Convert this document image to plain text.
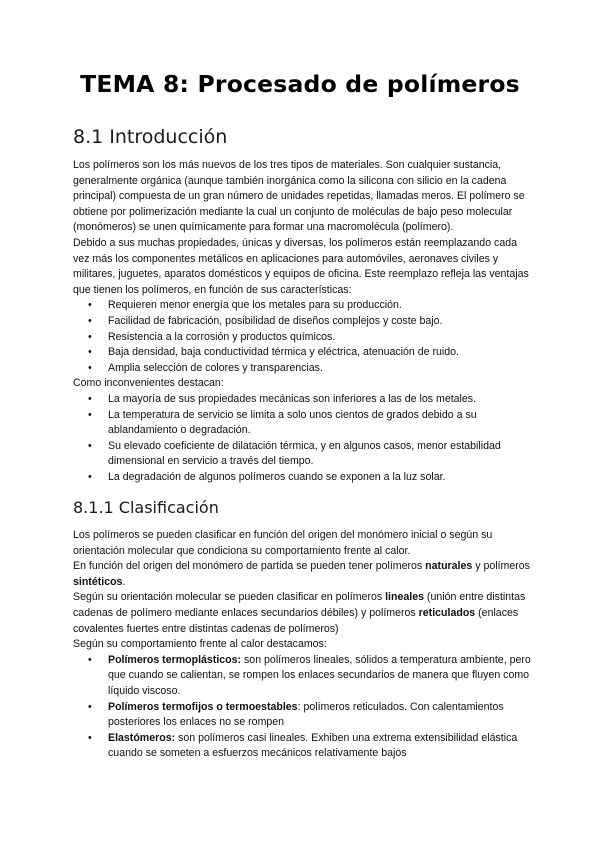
TEMA 8: Procesado de polímeros
8.1 Introducción

Los polímeros son los más nuevos de los tres tipos de materiales. Son cualquier sustancia, generalmente orgánica (aunque también inorgánica como la silicona con silicio en la cadena principal) compuesta de un gran número de unidades repetidas, llamadas meros. El polímero se obtiene por polimerización mediante la cual un conjunto de moléculas de bajo peso molecular (monómeros) se unen químicamente para formar una macromolécula (polímero).

Debido a sus muchas propiedades, únicas y diversas, los polímeros están reemplazando cada vez más los componentes metálicos en aplicaciones para automóviles, aeronaves civiles y militares, juguetes, aparatos domésticos y equipos de oficina. Este reemplazo refleja las ventajas que tienen los polímeros, en función de sus características:

• Requieren menor energía que los metales para su producción.
• Facilidad de fabricación, posibilidad de diseños complejos y coste bajo.
• Resistencia a la corrosión y productos químicos.
• Baja densidad, baja conductividad térmica y eléctrica, atenuación de ruido.
• Amplia selección de colores y transparencias.

Como inconvenientes destacan:

• La mayoría de sus propiedades mecánicas son inferiores a las de los metales.
• La temperatura de servicio se limita a solo unos cientos de grados debido a su ablandamiento o degradación.
• Su elevado coeficiente de dilatación térmica, y en algunos casos, menor estabilidad dimensional en servicio a través del tiempo.
• La degradación de algunos polímeros cuando se exponen a la luz solar.
8.1.1 Clasificación

Los polímeros se pueden clasificar en función del origen del monómero inicial o según su orientación molecular que condiciona su comportamiento frente al calor.

En función del origen del monómero de partida se pueden tener polímeros naturales y polímeros sintéticos.

Según su orientación molecular se pueden clasificar en polímeros lineales (unión entre distintas cadenas de polímero mediante enlaces secundarios débiles) y polímeros reticulados (enlaces covalentes fuertes entre distintas cadenas de polímeros)

Según su comportamiento frente al calor destacamos:

• Polímeros termoplásticos: son polímeros lineales, sólidos a temperatura ambiente, pero que cuando se calientan, se rompen los enlaces secundarios de manera que fluyen como líquido viscoso.
• Polímeros termofijos o termoestables: polímeros reticulados. Con calentamientos posteriores los enlaces no se rompen
• Elastómeros: son polímeros casi lineales. Exhiben una extrema extensibilidad elástica cuando se someten a esfuerzos mecánicos relativamente bajos
